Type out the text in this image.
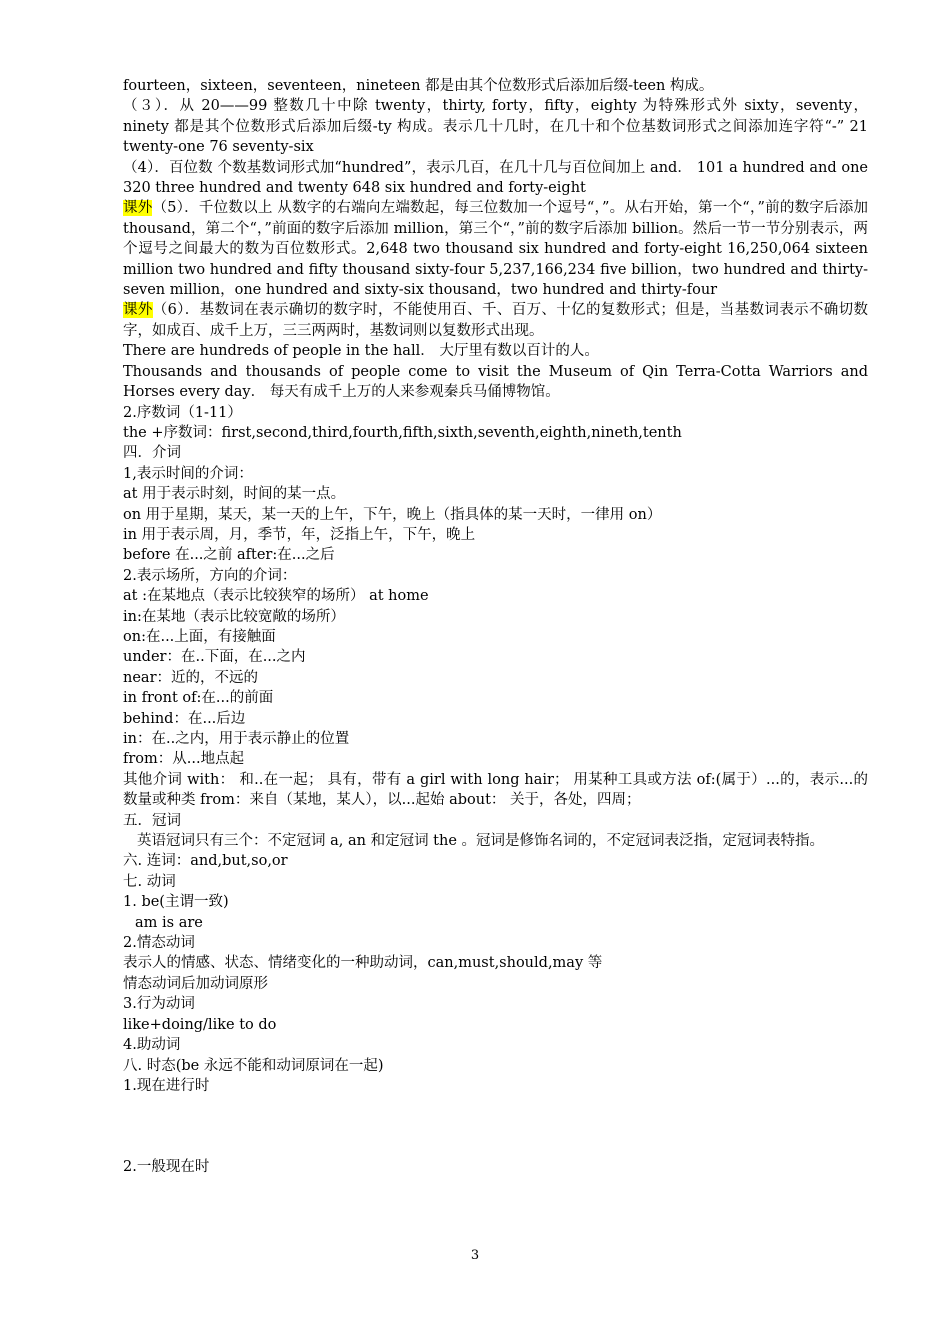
fourteen，sixteen，seventeen，nineteen 都是由其个位数形式后添加后缀-teen 构成。

（３）．从 20——99 整数几十中除 twenty，thirty, forty，fifty，eighty 为特殊形式外 sixty，seventy，ninety 都是其个位数形式后添加后缀-ty 构成。表示几十几时，在几十和个位基数词形式之间添加连字符“-” 21 twenty-one 76 seventy-six

（4）．百位数 个数基数词形式加“hundred”，表示几百，在几十几与百位间加上 and． 101 a hundred and one 320 three hundred and twenty 648 six hundred and forty-eight

课外（5）．千位数以上 从数字的右端向左端数起，每三位数加一个逗号“，”。从右开始，第一个“，”前的数字后添加 thousand，第二个“，”前面的数字后添加 million，第三个“，”前的数字后添加 billion。然后一节一节分别表示，两个逗号之间最大的数为百位数形式。2,648 two thousand six hundred and forty-eight 16,250,064 sixteen million two hundred and fifty thousand sixty-four 5,237,166,234 five billion，two hundred and thirty-seven million，one hundred and sixty-six thousand，two hundred and thirty-four

课外（6）．基数词在表示确切的数字时，不能使用百、千、百万、十亿的复数形式；但是，当基数词表示不确切数字，如成百、成千上万，三三两两时，基数词则以复数形式出现。

There are hundreds of people in the hall． 大厅里有数以百计的人。

Thousands and thousands of people come to visit the Museum of Qin Terra-Cotta Warriors and Horses every day． 每天有成千上万的人来参观秦兵马俑博物馆。

2.序数词（1-11）

the +序数词：first,second,third,fourth,fifth,sixth,seventh,eighth,nineth,tenth

四．介词

1,表示时间的介词：

at 用于表示时刻，时间的某一点。

on 用于星期，某天，某一天的上午，下午，晚上（指具体的某一天时，一律用 on）

in 用于表示周，月，季节，年，泛指上午，下午，晚上

before 在...之前 after:在...之后

2.表示场所，方向的介词：

at :在某地点（表示比较狭窄的场所） at home

in:在某地（表示比较宽敞的场所）

on:在...上面，有接触面

under：在..下面，在...之内

near：近的，不远的

in front of:在...的前面

behind：在...后边

in：在..之内，用于表示静止的位置

from：从...地点起

其他介词 with： 和..在一起； 具有，带有 a girl with long hair； 用某种工具或方法 of:(属于）...的，表示...的数量或种类 from：来自（某地，某人），以...起始 about： 关于，各处，四周；

五．冠词

英语冠词只有三个：不定冠词 a, an 和定冠词 the 。冠词是修饰名词的，不定冠词表泛指，定冠词表特指。

六. 连词：and,but,so,or

七. 动词

1. be(主谓一致)

am is are

2.情态动词

表示人的情感、状态、情绪变化的一种助动词，can,must,should,may 等

情态动词后加动词原形

3.行为动词

like+doing/like to do

4.助动词

八. 时态(be 永远不能和动词原词在一起)

1.现在进行时

2.一般现在时

3
